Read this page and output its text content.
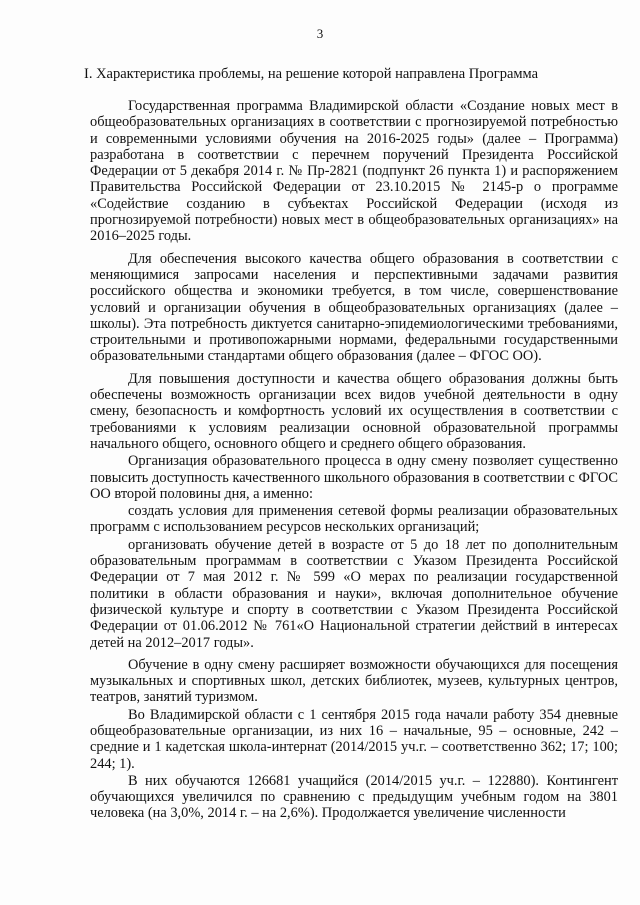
3
I. Характеристика проблемы, на решение которой направлена Программа

Государственная программа Владимирской области «Создание новых мест в общеобразовательных организациях в соответствии с прогнозируемой потребностью и современными условиями обучения на 2016-2025 годы» (далее – Программа) разработана в соответствии с перечнем поручений Президента Российской Федерации от 5 декабря 2014 г. № Пр-2821 (подпункт 26 пункта 1) и распоряжением Правительства Российской Федерации от 23.10.2015 № 2145-р о программе «Содействие созданию в субъектах Российской Федерации (исходя из прогнозируемой потребности) новых мест в общеобразовательных организациях» на 2016–2025 годы.

Для обеспечения высокого качества общего образования в соответствии с меняющимися запросами населения и перспективными задачами развития российского общества и экономики требуется, в том числе, совершенствование условий и организации обучения в общеобразовательных организациях (далее – школы). Эта потребность диктуется санитарно-эпидемиологическими требованиями, строительными и противопожарными нормами, федеральными государственными образовательными стандартами общего образования (далее – ФГОС ОО).

Для повышения доступности и качества общего образования должны быть обеспечены возможность организации всех видов учебной деятельности в одну смену, безопасность и комфортность условий их осуществления в соответствии с требованиями к условиям реализации основной образовательной программы начального общего, основного общего и среднего общего образования.

Организация образовательного процесса в одну смену позволяет существенно повысить доступность качественного школьного образования в соответствии с ФГОС ОО второй половины дня, а именно:

создать условия для применения сетевой формы реализации образовательных программ с использованием ресурсов нескольких организаций;

организовать обучение детей в возрасте от 5 до 18 лет по дополнительным образовательным программам в соответствии с Указом Президента Российской Федерации от 7 мая 2012 г. № 599 «О мерах по реализации государственной политики в области образования и науки», включая дополнительное обучение физической культуре и спорту в соответствии с Указом Президента Российской Федерации от 01.06.2012 № 761«О Национальной стратегии действий в интересах детей на 2012–2017 годы».

Обучение в одну смену расширяет возможности обучающихся для посещения музыкальных и спортивных школ, детских библиотек, музеев, культурных центров, театров, занятий туризмом.

Во Владимирской области с 1 сентября 2015 года начали работу 354 дневные общеобразовательные организации, из них 16 – начальные, 95 – основные, 242 – средние и 1 кадетская школа-интернат (2014/2015 уч.г. – соответственно 362; 17; 100; 244; 1).

В них обучаются 126681 учащийся (2014/2015 уч.г. – 122880). Контингент обучающихся увеличился по сравнению с предыдущим учебным годом на 3801 человека (на 3,0%, 2014 г. – на 2,6%). Продолжается увеличение численности
